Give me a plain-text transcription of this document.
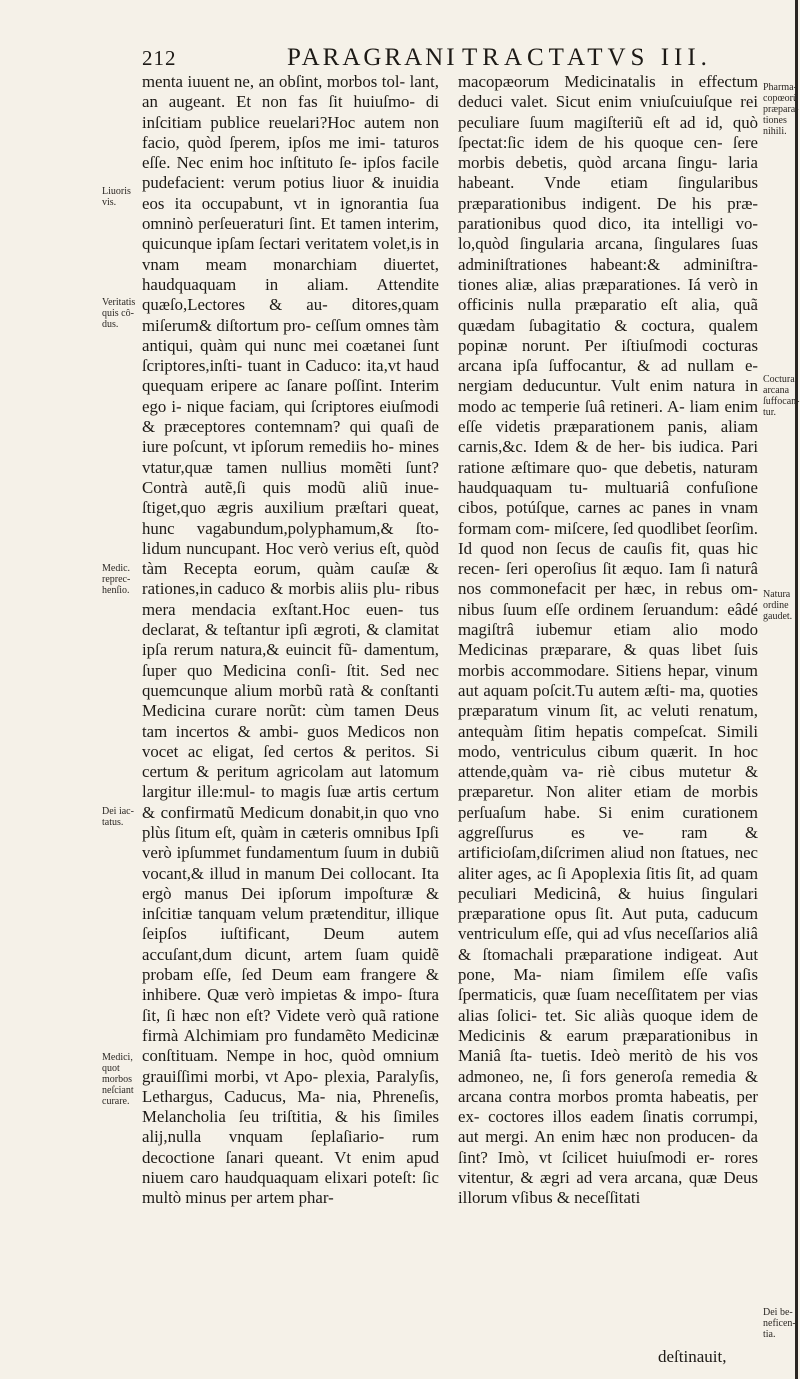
212	PARAGRANI TRACTATVS III.

menta iuuent ne, an obſint, morbos tol- lant, an augeant. Et non fas ſit huiuſmo- di inſcitiam publice reuelari?Hoc autem non facio, quòd ſperem, ipſos me imi- taturos eſſe. Nec enim hoc inſtituto ſe- ipſos facile pudefacient: verum potius liuor & inuidia eos ita occupabunt, vt in ignorantia ſua omninò perſeueraturi ſint. Et tamen interim, quicunque ipſam ſectari veritatem volet,is in vnam meam monarchiam diuertet, haudquaquam in aliam. Attendite quæſo,Lectores & au- ditores,quam miſerum& diſtortum pro- ceſſum omnes tàm antiqui, quàm qui nunc mei coætanei ſunt ſcriptores,inſti- tuant in Caduco: ita,vt haud quequam eripere ac ſanare poſſint. Interim ego i- nique faciam, qui ſcriptores eiuſmodi & præceptores contemnam? qui quaſi de iure poſcunt, vt ipſorum remediis ho- mines vtatur,quæ tamen nullius momẽti ſunt?Contrà autẽ,ſi quis modũ aliũ inue- ſtiget,quo ægris auxilium præſtari queat, hunc vagabundum,polyphamum,& ſto- lidum nuncupant. Hoc verò verius eſt, quòd tàm Recepta eorum, quàm cauſæ & rationes,in caduco & morbis aliis plu- ribus mera mendacia exſtant.Hoc euen- tus declarat, & teſtantur ipſi ægroti, & clamitat ipſa rerum natura,& euincit fũ- damentum, ſuper quo Medicina conſi- ſtit. Sed nec quemcunque alium morbũ ratà & conſtanti Medicina curare norũt: cùm tamen Deus tam incertos & ambi- guos Medicos non vocet ac eligat, ſed certos & peritos. Si certum & peritum agricolam aut latomum largitur ille:mul- to magis ſuæ artis certum & confirmatũ Medicum donabit,in quo vno plùs ſitum eſt, quàm in cæteris omnibus Ipſi verò ipſummet fundamentum ſuum in dubiũ vocant,& illud in manum Dei collocant. Ita ergò manus Dei ipſorum impoſturæ & inſcitiæ tanquam velum prætenditur, illique ſeipſos iuſtificant, Deum autem accuſant,dum dicunt, artem ſuam quidẽ probam eſſe, ſed Deum eam frangere & inhibere. Quæ verò impietas & impo- ſtura ſit, ſi hæc non eſt? Videte verò quã ratione firmà Alchimiam pro fundamẽto Medicinæ conſtituam. Nempe in hoc, quòd omnium grauiſſimi morbi, vt Apo- plexia, Paralyſis, Lethargus, Caducus, Ma- nia, Phreneſis, Melancholia ſeu triſtitia, & his ſimiles alij,nulla vnquam ſeplaſiario- rum decoctione ſanari queant. Vt enim apud niuem caro haudquaquam elixari poteſt: ſic multò minus per artem phar-

macopæorum Medicinatalis in effectum deduci valet. Sicut enim vniuſcuiuſque rei peculiare ſuum magiſteriũ eſt ad id, quò ſpectat:ſic idem de his quoque cen- ſere morbis debetis, quòd arcana ſingu- laria habeant. Vnde etiam ſingularibus præparationibus indigent. De his præ- parationibus quod dico, ita intelligi vo- lo,quòd ſingularia arcana, ſingulares ſuas adminiſtrationes habeant:& adminiſtra- tiones aliæ, alias præparationes. Iá verò in officinis nulla præparatio eſt alia, quã quædam ſubagitatio & coctura, qualem popinæ norunt. Per iſtiuſmodi cocturas arcana ipſa ſuffocantur, & ad nullam e- nergiam deducuntur. Vult enim natura in modo ac temperie ſuâ retineri. A- liam enim eſſe videtis præparationem panis, aliam carnis,&c. Idem & de her- bis iudica. Pari ratione æſtimare quo- que debetis, naturam haudquaquam tu- multuariâ confuſione cibos, potúſque, carnes ac panes in vnam formam com- miſcere, ſed quodlibet ſeorſim. Id quod non ſecus de cauſis fit, quas hic recen- ſeri operoſius ſit æquo. Iam ſi naturâ nos commonefacit per hæc, in rebus om- nibus ſuum eſſe ordinem ſeruandum: eâdé magiſtrâ iubemur etiam alio modo Medicinas præparare, & quas libet ſuis morbis accommodare. Sitiens hepar, vinum aut aquam poſcit.Tu autem æſti- ma, quoties præparatum vinum ſit, ac veluti renatum, antequàm ſitim hepatis compeſcat. Simili modo, ventriculus cibum quærit. In hoc attende,quàm va- riè cibus mutetur & præparetur. Non aliter etiam de morbis perſuaſum habe. Si enim curationem aggreſſurus es ve- ram & artificioſam,diſcrimen aliud non ſtatues, nec aliter ages, ac ſi Apoplexia ſitis ſit, ad quam peculiari Medicinâ, & huius ſingulari præparatione opus ſit. Aut puta, caducum ventriculum eſſe, qui ad vſus neceſſarios aliâ & ſtomachali præparatione indigeat. Aut pone, Ma- niam ſimilem eſſe vaſis ſpermaticis, quæ ſuam neceſſitatem per vias alias ſolici- tet. Sic aliàs quoque idem de Medicinis & earum præparationibus in Maniâ ſta- tuetis. Ideò meritò de his vos admoneo, ne, ſi fors generoſa remedia & arcana contra morbos promta habeatis, per ex- coctores illos eadem ſinatis corrumpi, aut mergi. An enim hæc non producen- da ſint? Imò, vt ſcilicet huiuſmodi er- rores vitentur, & ægri ad vera arcana, quæ Deus illorum vſibus & neceſſitati

Liuoris vis.
Veritatis quis cô- dus.
Medic. reprec- henſio.
Dei iac- tatus.
Medici, quot morbos neſciant curare.
Pharma- copœorũ præpara- tiones nihili.
Coctura arcana ſuffocan- tur.
Natura ordine gaudet.
Dei be- neficen- tia.
deſtinauit,
